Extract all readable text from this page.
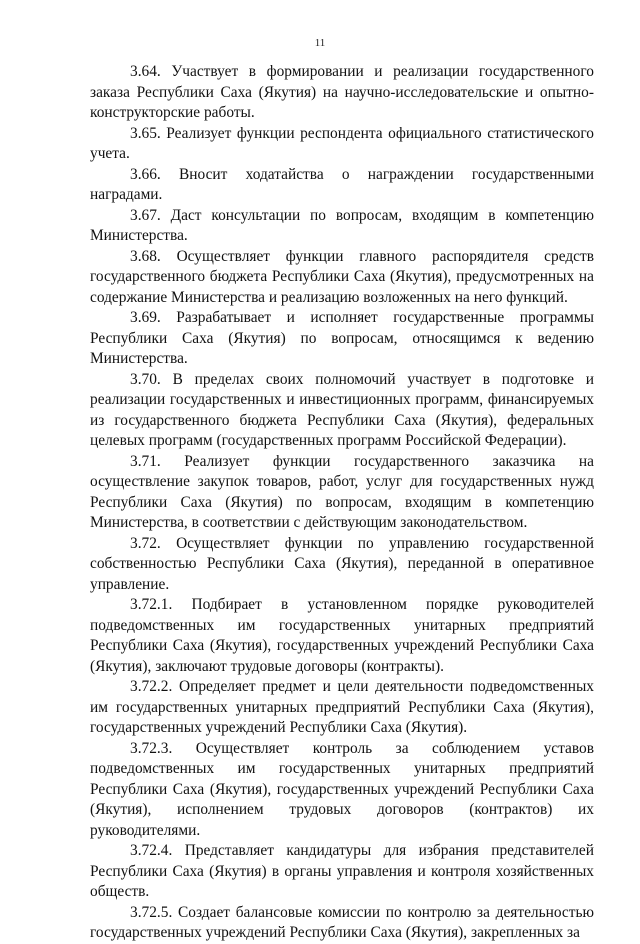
11

3.64. Участвует в формировании и реализации государственного заказа Республики Саха (Якутия) на научно-исследовательские и опытно-конструкторские работы.

3.65. Реализует функции респондента официального статистического учета.

3.66. Вносит ходатайства о награждении государственными наградами.

3.67. Даст консультации по вопросам, входящим в компетенцию Министерства.

3.68. Осуществляет функции главного распорядителя средств государственного бюджета Республики Саха (Якутия), предусмотренных на содержание Министерства и реализацию возложенных на него функций.

3.69. Разрабатывает и исполняет государственные программы Республики Саха (Якутия) по вопросам, относящимся к ведению Министерства.

3.70. В пределах своих полномочий участвует в подготовке и реализации государственных и инвестиционных программ, финансируемых из государственного бюджета Республики Саха (Якутия), федеральных целевых программ (государственных программ Российской Федерации).

3.71. Реализует функции государственного заказчика на осуществление закупок товаров, работ, услуг для государственных нужд Республики Саха (Якутия) по вопросам, входящим в компетенцию Министерства, в соответствии с действующим законодательством.

3.72. Осуществляет функции по управлению государственной собственностью Республики Саха (Якутия), переданной в оперативное управление.

3.72.1. Подбирает в установленном порядке руководителей подведомственных им государственных унитарных предприятий Республики Саха (Якутия), государственных учреждений Республики Саха (Якутия), заключают трудовые договоры (контракты).

3.72.2. Определяет предмет и цели деятельности подведомственных им государственных унитарных предприятий Республики Саха (Якутия), государственных учреждений Республики Саха (Якутия).

3.72.3. Осуществляет контроль за соблюдением уставов подведомственных им государственных унитарных предприятий Республики Саха (Якутия), государственных учреждений Республики Саха (Якутия), исполнением трудовых договоров (контрактов) их руководителями.

3.72.4. Представляет кандидатуры для избрания представителей Республики Саха (Якутия) в органы управления и контроля хозяйственных обществ.

3.72.5. Создает балансовые комиссии по контролю за деятельностью государственных учреждений Республики Саха (Якутия), закрепленных за
